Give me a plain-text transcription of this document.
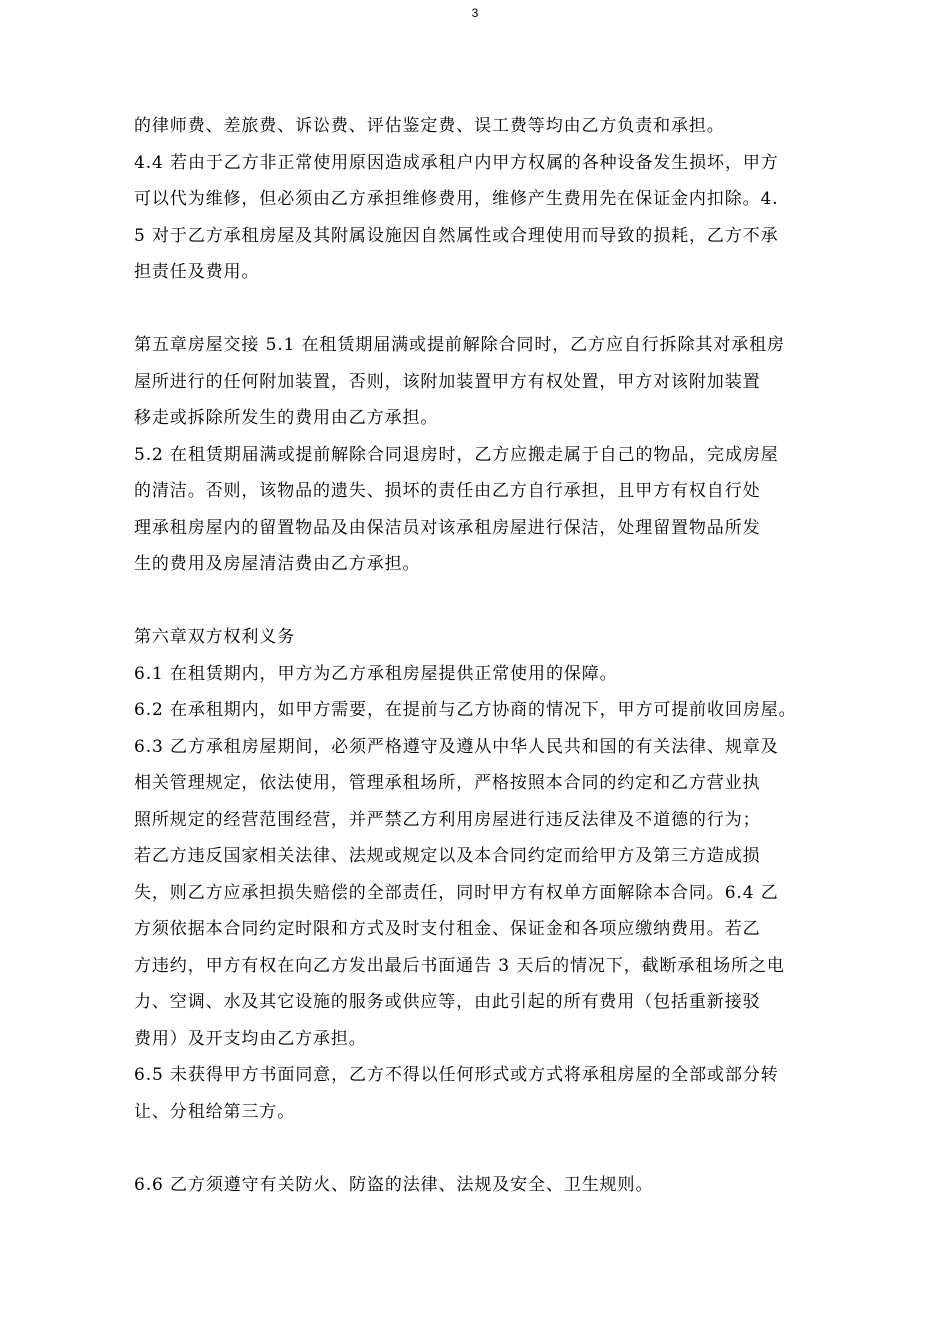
3
的律师费、差旅费、诉讼费、评估鉴定费、误工费等均由乙方负责和承担。
4.4 若由于乙方非正常使用原因造成承租户内甲方权属的各种设备发生损坏，甲方
可以代为维修，但必须由乙方承担维修费用，维修产生费用先在保证金内扣除。4.
5 对于乙方承租房屋及其附属设施因自然属性或合理使用而导致的损耗，乙方不承
担责任及费用。
第五章房屋交接 5.1 在租赁期届满或提前解除合同时，乙方应自行拆除其对承租房
屋所进行的任何附加装置，否则，该附加装置甲方有权处置，甲方对该附加装置
移走或拆除所发生的费用由乙方承担。
5.2 在租赁期届满或提前解除合同退房时，乙方应搬走属于自己的物品，完成房屋
的清洁。否则，该物品的遗失、损坏的责任由乙方自行承担，且甲方有权自行处
理承租房屋内的留置物品及由保洁员对该承租房屋进行保洁，处理留置物品所发
生的费用及房屋清洁费由乙方承担。
第六章双方权利义务
6.1 在租赁期内，甲方为乙方承租房屋提供正常使用的保障。
6.2 在承租期内，如甲方需要，在提前与乙方协商的情况下，甲方可提前收回房屋。
6.3 乙方承租房屋期间，必须严格遵守及遵从中华人民共和国的有关法律、规章及
相关管理规定，依法使用，管理承租场所，严格按照本合同的约定和乙方营业执
照所规定的经营范围经营，并严禁乙方利用房屋进行违反法律及不道德的行为；
若乙方违反国家相关法律、法规或规定以及本合同约定而给甲方及第三方造成损
失，则乙方应承担损失赔偿的全部责任，同时甲方有权单方面解除本合同。6.4 乙
方须依据本合同约定时限和方式及时支付租金、保证金和各项应缴纳费用。若乙
方违约，甲方有权在向乙方发出最后书面通告 3 天后的情况下，截断承租场所之电
力、空调、水及其它设施的服务或供应等，由此引起的所有费用（包括重新接驳
费用）及开支均由乙方承担。
6.5 未获得甲方书面同意，乙方不得以任何形式或方式将承租房屋的全部或部分转
让、分租给第三方。
6.6 乙方须遵守有关防火、防盗的法律、法规及安全、卫生规则。
